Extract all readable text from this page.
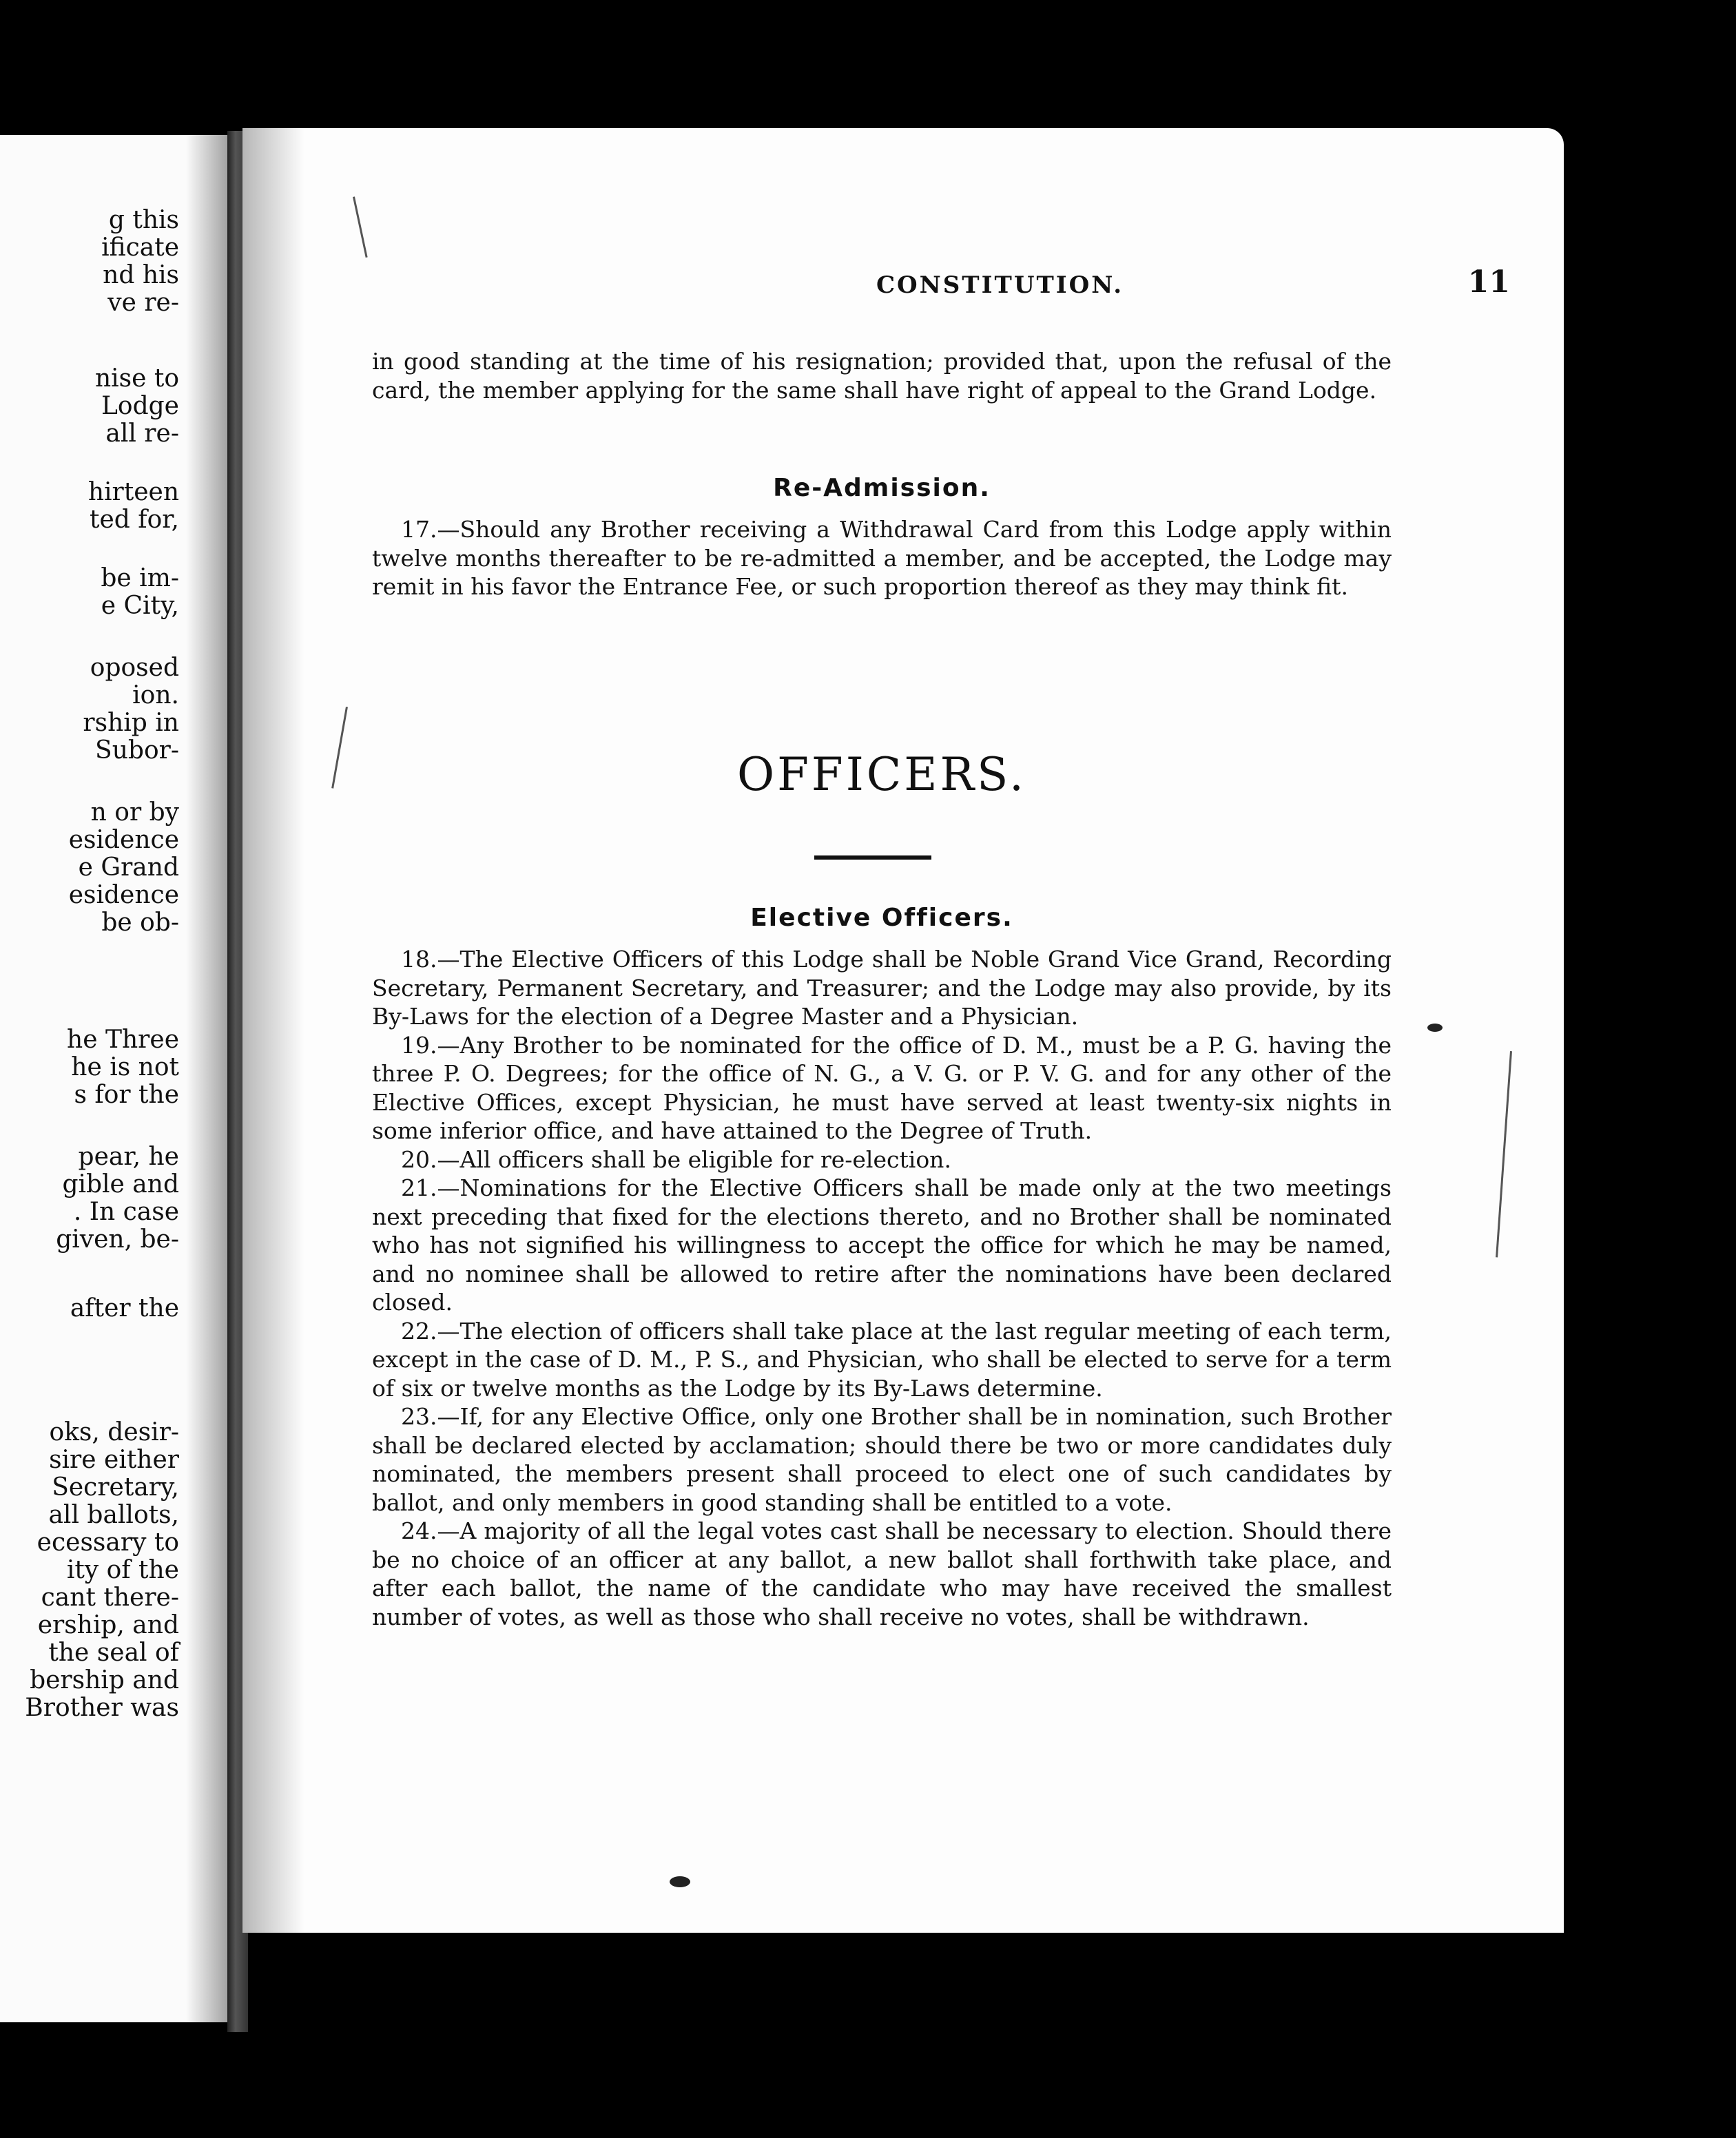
g this
ificate
nd his
ve re-
nise to
Lodge
all re-
hirteen
ted for,
be im-
e City,
oposed
ion.
rship in
Subor-
n or by
esidence
e Grand
esidence
be ob-
he Three
he is not
s for the
pear, he
gible and
. In case
given, be-
after the
oks, desir-
sire either
Secretary,
all ballots,
ecessary to
ity of the
cant there-
ership, and
the seal of
bership and
Brother was
CONSTITUTION.	11

in good standing at the time of his resignation; provided that, upon the refusal of the card, the member applying for the same shall have right of appeal to the Grand Lodge.

Re-Admission.

17.—Should any Brother receiving a Withdrawal Card from this Lodge apply within twelve months thereafter to be re-admitted a member, and be accepted, the Lodge may remit in his favor the Entrance Fee, or such proportion thereof as they may think fit.

OFFICERS.
Elective Officers.

18.—The Elective Officers of this Lodge shall be Noble Grand Vice Grand, Recording Secretary, Permanent Secretary, and Treasurer; and the Lodge may also provide, by its By-Laws for the election of a Degree Master and a Physician.

19.—Any Brother to be nominated for the office of D. M., must be a P. G. having the three P. O. Degrees; for the office of N. G., a V. G. or P. V. G. and for any other of the Elective Offices, except Physician, he must have served at least twenty-six nights in some inferior office, and have attained to the Degree of Truth.

20.—All officers shall be eligible for re-election.

21.—Nominations for the Elective Officers shall be made only at the two meetings next preceding that fixed for the elections thereto, and no Brother shall be nominated who has not signified his willingness to accept the office for which he may be named, and no nominee shall be allowed to retire after the nominations have been declared closed.

22.—The election of officers shall take place at the last regular meeting of each term, except in the case of D. M., P. S., and Physician, who shall be elected to serve for a term of six or twelve months as the Lodge by its By-Laws determine.

23.—If, for any Elective Office, only one Brother shall be in nomination, such Brother shall be declared elected by acclamation; should there be two or more candidates duly nominated, the members present shall proceed to elect one of such candidates by ballot, and only members in good standing shall be entitled to a vote.

24.—A majority of all the legal votes cast shall be necessary to election. Should there be no choice of an officer at any ballot, a new ballot shall forthwith take place, and after each ballot, the name of the candidate who may have received the smallest number of votes, as well as those who shall receive no votes, shall be withdrawn.
